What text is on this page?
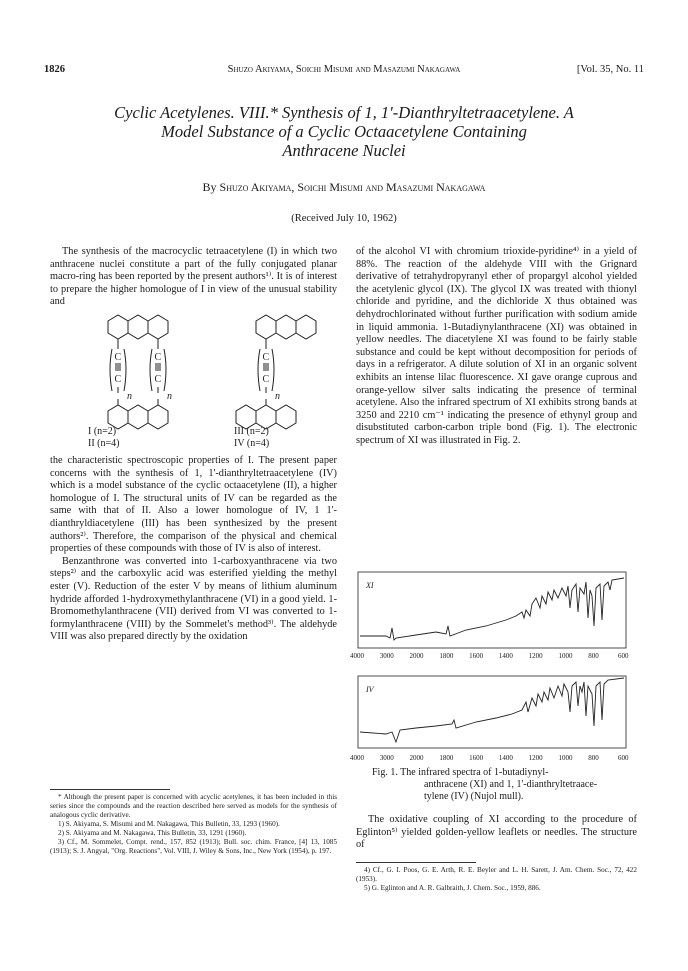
1826	Shuzo Akiyama, Soichi Misumi and Masazumi Nakagawa	[Vol. 35, No. 11
Cyclic Acetylenes. VIII.* Synthesis of 1, 1'-Dianthryltetraacetylene. A
Model Substance of a Cyclic Octaacetylene Containing
Anthracene Nuclei
By Shuzo Akiyama, Soichi Misumi and Masazumi Nakagawa
(Received July 10, 1962)

The synthesis of the macrocyclic tetraacetylene (I) in which two anthracene nuclei constitute a part of the fully conjugated planar macro-ring has been reported by the present authors¹⁾. It is of interest to prepare the higher homologue of I in view of the unusual stability and

C
C
C
C
C
C
n	n	n
I (n=2)
II (n=4)
III (n=2)
IV (n=4)

the characteristic spectroscopic properties of I. The present paper concerns with the synthesis of 1, 1'-dianthryltetraacetylene (IV) which is a model substance of the cyclic octaacetylene (II), a higher homologue of I. The structural units of IV can be regarded as the same with that of II. Also a lower homologue of IV, 1 1'-dianthryldiacetylene (III) has been synthesized by the present authors²⁾. Therefore, the comparison of the physical and chemical properties of these compounds with those of IV is also of interest.

Benzanthrone was converted into 1-carboxyanthracene via two steps²⁾ and the carboxylic acid was esterified yielding the methyl ester (V). Reduction of the ester V by means of lithium aluminum hydride afforded 1-hydroxymethylanthracene (VI) in a good yield. 1-Bromomethylanthracene (VII) derived from VI was converted to 1-formylanthracene (VIII) by the Sommelet's method³⁾. The aldehyde VIII was also prepared directly by the oxidation

* Although the present paper is concerned with acyclic acetylenes, it has been included in this series since the compounds and the reaction described here served as models for the synthesis of analogous cyclic derivative.

1) S. Akiyama, S. Misumi and M. Nakagawa, This Bulletin, 33, 1293 (1960).

2) S. Akiyama and M. Nakagawa, This Bulletin, 33, 1291 (1960).

3) Cf., M. Sommelet, Compt. rend., 157, 852 (1913); Bull. soc. chim. France, [4] 13, 1085 (1913); S. J. Angyal, "Org. Reactions", Vol. VIII, J. Wiley & Sons, Inc., New York (1954), p. 197.

of the alcohol VI with chromium trioxide-pyridine⁴⁾ in a yield of 88%. The reaction of the aldehyde VIII with the Grignard derivative of tetrahydropyranyl ether of propargyl alcohol yielded the acetylenic glycol (IX). The glycol IX was treated with thionyl chloride and pyridine, and the dichloride X thus obtained was dehydrochlorinated without further purification with sodium amide in liquid ammonia. 1-Butadiynylanthracene (XI) was obtained in yellow needles. The diacetylene XI was found to be fairly stable substance and could be kept without decomposition for periods of days in a refrigerator. A dilute solution of XI in an organic solvent exhibits an intense lilac fluorescence. XI gave orange cuprous and orange-yellow silver salts indicating the presence of terminal acetylene. Also the infrared spectrum of XI exhibits strong bands at 3250 and 2210 cm⁻¹ indicating the presence of ethynyl group and disubstituted carbon-carbon triple bond (Fig. 1). The electronic spectrum of XI was illustrated in Fig. 2.

XI
IV
4000 3000 2000 1800 1600 1400 1200 1000 800	600
4000 3000 2000 1800 1600 1400 1200 1000 800	600
Fig. 1. The infrared spectra of 1-butadiynyl-
anthracene (XI) and 1, 1'-dianthryltetraace-
tylene (IV) (Nujol mull).

The oxidative coupling of XI according to the procedure of Eglinton⁵⁾ yielded golden-yellow leaflets or needles. The structure of

4) Cf., G. I. Poos, G. E. Arth, R. E. Beyler and L. H. Sarett, J. Am. Chem. Soc., 72, 422 (1953).

5) G. Eglinton and A. R. Galbraith, J. Chem. Soc., 1959, 886.
